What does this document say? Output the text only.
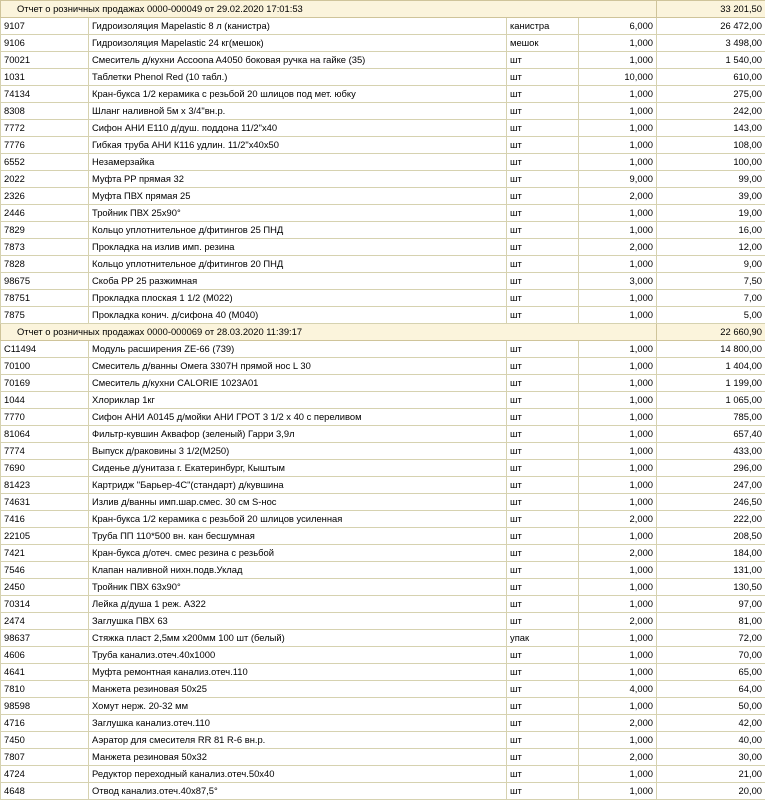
Отчет о розничных продажах 0000-000049 от 29.02.2020 17:01:53				33 201,50
9107	Гидроизоляция Mapelastic 8 л (канистра)	канистра	6,000		26 472,00
9106	Гидроизоляция Mapelastic 24 кг(мешок)	мешок	1,000		3 498,00
70021	Смеситель д/кухни Accoona A4050 боковая ручка на гайке (35)	шт	1,000		1 540,00
1031	Таблетки Phenol Red (10 табл.)	шт	10,000		610,00
74134	Кран-букса 1/2 керамика с резьбой 20 шлицов под мет. юбку	шт	1,000		275,00
8308	Шланг наливной 5м х 3/4"вн.р.	шт	1,000		242,00
7772	Сифон АНИ Е110 д/душ. поддона 11/2"х40	шт	1,000		143,00
7776	Гибкая труба АНИ К116 удлин. 11/2"х40х50	шт	1,000		108,00
6552	Незамерзайка	шт	1,000		100,00
2022	Муфта PP прямая 32	шт	9,000		99,00
2326	Муфта ПВХ прямая 25	шт	2,000		39,00
2446	Тройник ПВХ 25х90°	шт	1,000		19,00
7829	Кольцо уплотнительное д/фитингов 25 ПНД	шт	1,000		16,00
7873	Прокладка на излив имп. резина	шт	2,000		12,00
7828	Кольцо уплотнительное д/фитингов 20 ПНД	шт	1,000		9,00
98675	Скоба PP 25 разжимная	шт	3,000		7,50
78751	Прокладка плоская 1 1/2 (М022)	шт	1,000		7,00
7875	Прокладка конич. д/сифона 40 (М040)	шт	1,000		5,00
Отчет о розничных продажах 0000-000069 от 28.03.2020 11:39:17				22 660,90
С11494	Модуль расширения ZE-66 (739)	шт	1,000		14 800,00
70100	Смеситель д/ванны Омега 3307Н прямой нос L 30	шт	1,000		1 404,00
70169	Смеситель д/кухни CALORIE 1023A01	шт	1,000		1 199,00
1044	Хлориклар 1кг	шт	1,000		1 065,00
7770	Сифон АНИ А0145 д/мойки АНИ ГРОТ 3 1/2 х 40 с переливом	шт	1,000		785,00
81064	Фильтр-кувшин Аквафор (зеленый) Гарри 3,9л	шт	1,000		657,40
7774	Выпуск д/раковины 3 1/2(М250)	шт	1,000		433,00
7690	Сиденье д/унитаза г. Екатеринбург, Кыштым	шт	1,000		296,00
81423	Картридж "Барьер-4С"(стандарт) д/кувшина	шт	1,000		247,00
74631	Излив д/ванны имп.шар.смес. 30 см S-нос	шт	1,000		246,50
7416	Кран-букса 1/2 керамика с резьбой 20 шлицов усиленная	шт	2,000		222,00
22105	Труба ПП 110*500 вн. кан бесшумная	шт	1,000		208,50
7421	Кран-букса д/отеч. смес резина с резьбой	шт	2,000		184,00
7546	Клапан наливной нихн.подв.Уклад	шт	1,000		131,00
2450	Тройник ПВХ 63х90°	шт	1,000		130,50
70314	Лейка д/душа 1 реж. А322	шт	1,000		97,00
2474	Заглушка ПВХ 63	шт	2,000		81,00
98637	Стяжка пласт 2,5мм х200мм 100 шт (белый)	упак	1,000		72,00
4606	Труба канализ.отеч.40х1000	шт	1,000		70,00
4641	Муфта ремонтная канализ.отеч.110	шт	1,000		65,00
7810	Манжета резиновая 50х25	шт	4,000		64,00
98598	Хомут нерж. 20-32 мм	шт	1,000		50,00
4716	Заглушка канализ.отеч.110	шт	2,000		42,00
7450	Аэратор для смесителя RR 81 R-6 вн.р.	шт	1,000		40,00
7807	Манжета резиновая 50х32	шт	2,000		30,00
4724	Редуктор переходный канализ.отеч.50х40	шт	1,000		21,00
4648	Отвод канализ.отеч.40х87,5°	шт	1,000		20,00
